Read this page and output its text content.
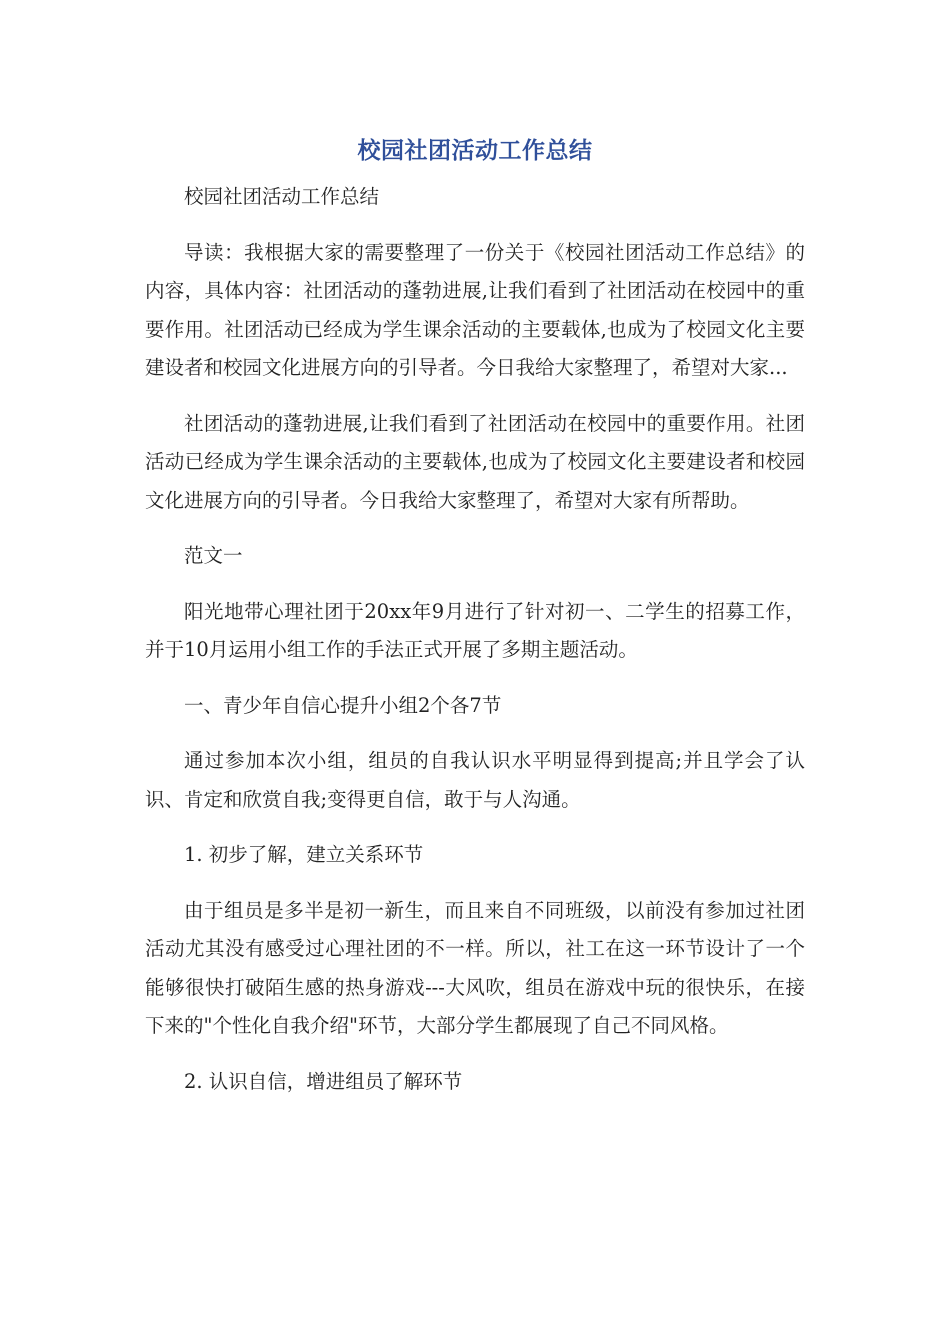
校园社团活动工作总结

校园社团活动工作总结

导读：我根据大家的需要整理了一份关于《校园社团活动工作总结》的内容，具体内容：社团活动的蓬勃进展,让我们看到了社团活动在校园中的重要作用。社团活动已经成为学生课余活动的主要载体,也成为了校园文化主要建设者和校园文化进展方向的引导者。今日我给大家整理了，希望对大家...

社团活动的蓬勃进展,让我们看到了社团活动在校园中的重要作用。社团活动已经成为学生课余活动的主要载体,也成为了校园文化主要建设者和校园文化进展方向的引导者。今日我给大家整理了，希望对大家有所帮助。

范文一

阳光地带心理社团于20xx年9月进行了针对初一、二学生的招募工作，并于10月运用小组工作的手法正式开展了多期主题活动。

一、青少年自信心提升小组2个各7节

通过参加本次小组，组员的自我认识水平明显得到提高;并且学会了认识、肯定和欣赏自我;变得更自信，敢于与人沟通。

1. 初步了解，建立关系环节

由于组员是多半是初一新生，而且来自不同班级，以前没有参加过社团活动尤其没有感受过心理社团的不一样。所以，社工在这一环节设计了一个能够很快打破陌生感的热身游戏---大风吹，组员在游戏中玩的很快乐，在接下来的"个性化自我介绍"环节，大部分学生都展现了自己不同风格。

2. 认识自信，增进组员了解环节
